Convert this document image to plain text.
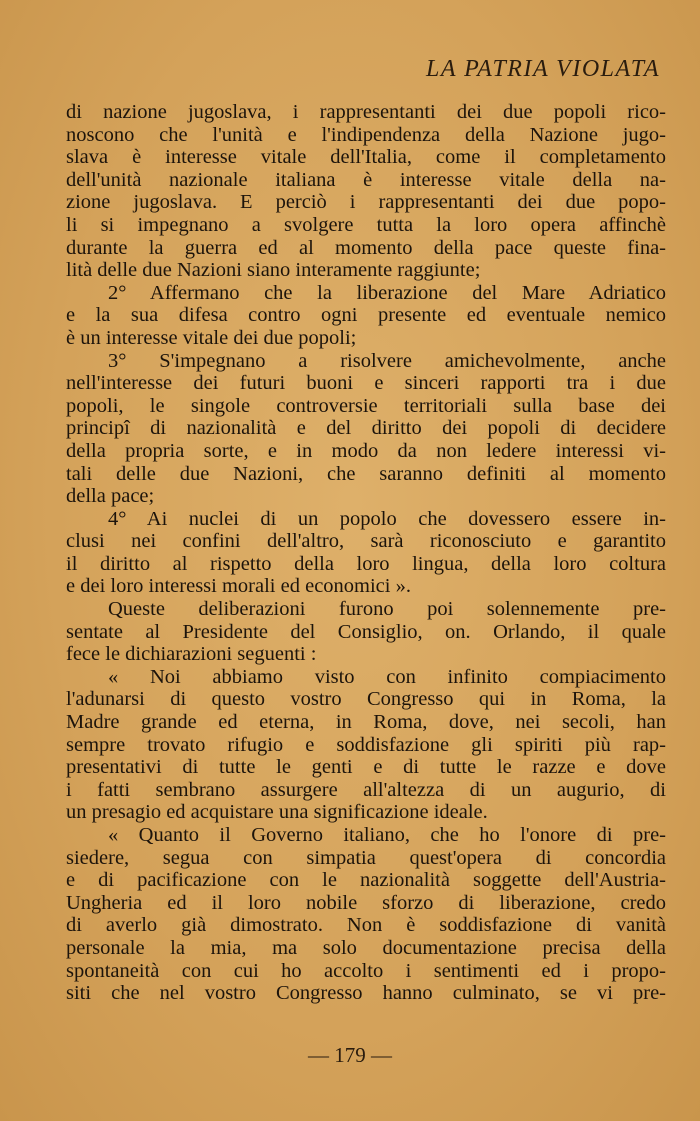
LA PATRIA VIOLATA
di nazione jugoslava, i rappresentanti dei due popoli rico-
noscono che l'unità e l'indipendenza della Nazione jugo-
slava è interesse vitale dell'Italia, come il completamento
dell'unità nazionale italiana è interesse vitale della na-
zione jugoslava. E perciò i rappresentanti dei due popo-
li si impegnano a svolgere tutta la loro opera affinchè
durante la guerra ed al momento della pace queste fina-
lità delle due Nazioni siano interamente raggiunte;
2° Affermano che la liberazione del Mare Adriatico
e la sua difesa contro ogni presente ed eventuale nemico
è un interesse vitale dei due popoli;
3° S'impegnano a risolvere amichevolmente, anche
nell'interesse dei futuri buoni e sinceri rapporti tra i due
popoli, le singole controversie territoriali sulla base dei
principî di nazionalità e del diritto dei popoli di decidere
della propria sorte, e in modo da non ledere interessi vi-
tali delle due Nazioni, che saranno definiti al momento
della pace;
4° Ai nuclei di un popolo che dovessero essere in-
clusi nei confini dell'altro, sarà riconosciuto e garantito
il diritto al rispetto della loro lingua, della loro coltura
e dei loro interessi morali ed economici ».
Queste deliberazioni furono poi solennemente pre-
sentate al Presidente del Consiglio, on. Orlando, il quale
fece le dichiarazioni seguenti :
« Noi abbiamo visto con infinito compiacimento
l'adunarsi di questo vostro Congresso qui in Roma, la
Madre grande ed eterna, in Roma, dove, nei secoli, han
sempre trovato rifugio e soddisfazione gli spiriti più rap-
presentativi di tutte le genti e di tutte le razze e dove
i fatti sembrano assurgere all'altezza di un augurio, di
un presagio ed acquistare una significazione ideale.
« Quanto il Governo italiano, che ho l'onore di pre-
siedere, segua con simpatia quest'opera di concordia
e di pacificazione con le nazionalità soggette dell'Austria-
Ungheria ed il loro nobile sforzo di liberazione, credo
di averlo già dimostrato. Non è soddisfazione di vanità
personale la mia, ma solo documentazione precisa della
spontaneità con cui ho accolto i sentimenti ed i propo-
siti che nel vostro Congresso hanno culminato, se vi pre-
— 179 —
